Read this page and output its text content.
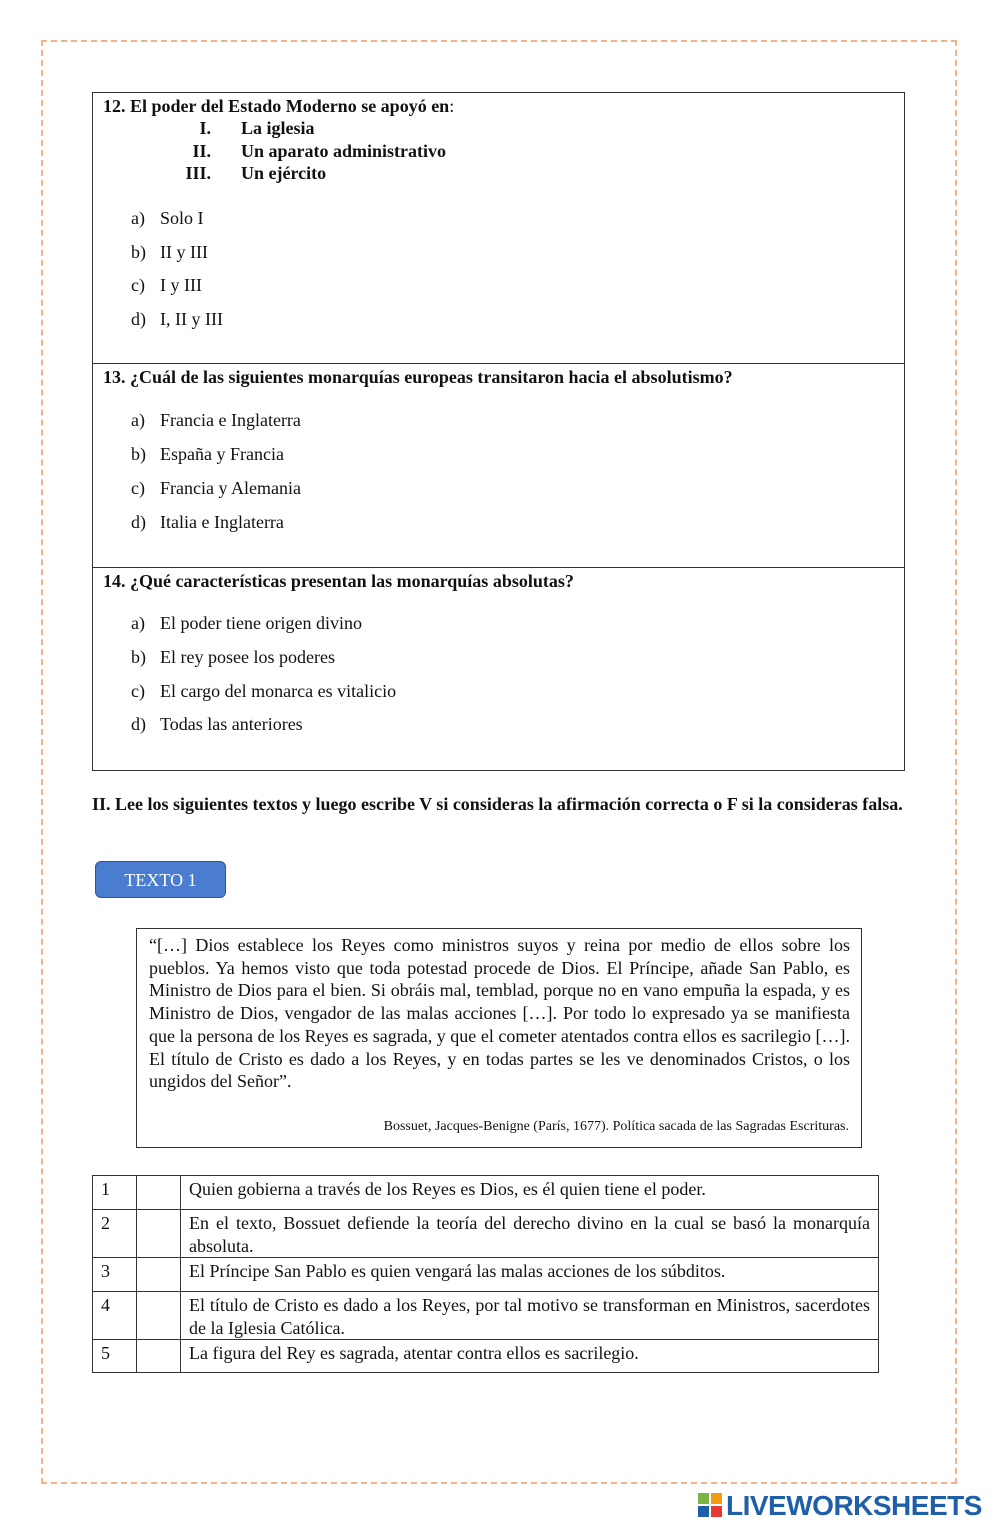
12. El poder del Estado Moderno se apoyó en:
I. La iglesia
II. Un aparato administrativo
III. Un ejército
a) Solo I
b) II y III
c) I y III
d) I, II y III
13. ¿Cuál de las siguientes monarquías europeas transitaron hacia el absolutismo?
a) Francia e Inglaterra
b) España y Francia
c) Francia y Alemania
d) Italia e Inglaterra
14. ¿Qué características presentan las monarquías absolutas?
a) El poder tiene origen divino
b) El rey posee los poderes
c) El cargo del monarca es vitalicio
d) Todas las anteriores
II. Lee los siguientes textos y luego escribe V si consideras la afirmación correcta o F si la consideras falsa.
TEXTO 1
“[…] Dios establece los Reyes como ministros suyos y reina por medio de ellos sobre los pueblos. Ya hemos visto que toda potestad procede de Dios. El Príncipe, añade San Pablo, es Ministro de Dios para el bien. Si obráis mal, temblad, porque no en vano empuña la espada, y es Ministro de Dios, vengador de las malas acciones […]. Por todo lo expresado ya se manifiesta que la persona de los Reyes es sagrada, y que el cometer atentados contra ellos es sacrilegio […]. El título de Cristo es dado a los Reyes, y en todas partes se les ve denominados Cristos, o los ungidos del Señor”.
Bossuet, Jacques-Benigne (París, 1677). Política sacada de las Sagradas Escrituras.
1		Quien gobierna a través de los Reyes es Dios, es él quien tiene el poder.
2		En el texto, Bossuet defiende la teoría del derecho divino en la cual se basó la monarquía absoluta.
3		El Príncipe San Pablo es quien vengará las malas acciones de los súbditos.
4		El título de Cristo es dado a los Reyes, por tal motivo se transforman en Ministros, sacerdotes de la Iglesia Católica.
5		La figura del Rey es sagrada, atentar contra ellos es sacrilegio.
LIVEWORKSHEETS
